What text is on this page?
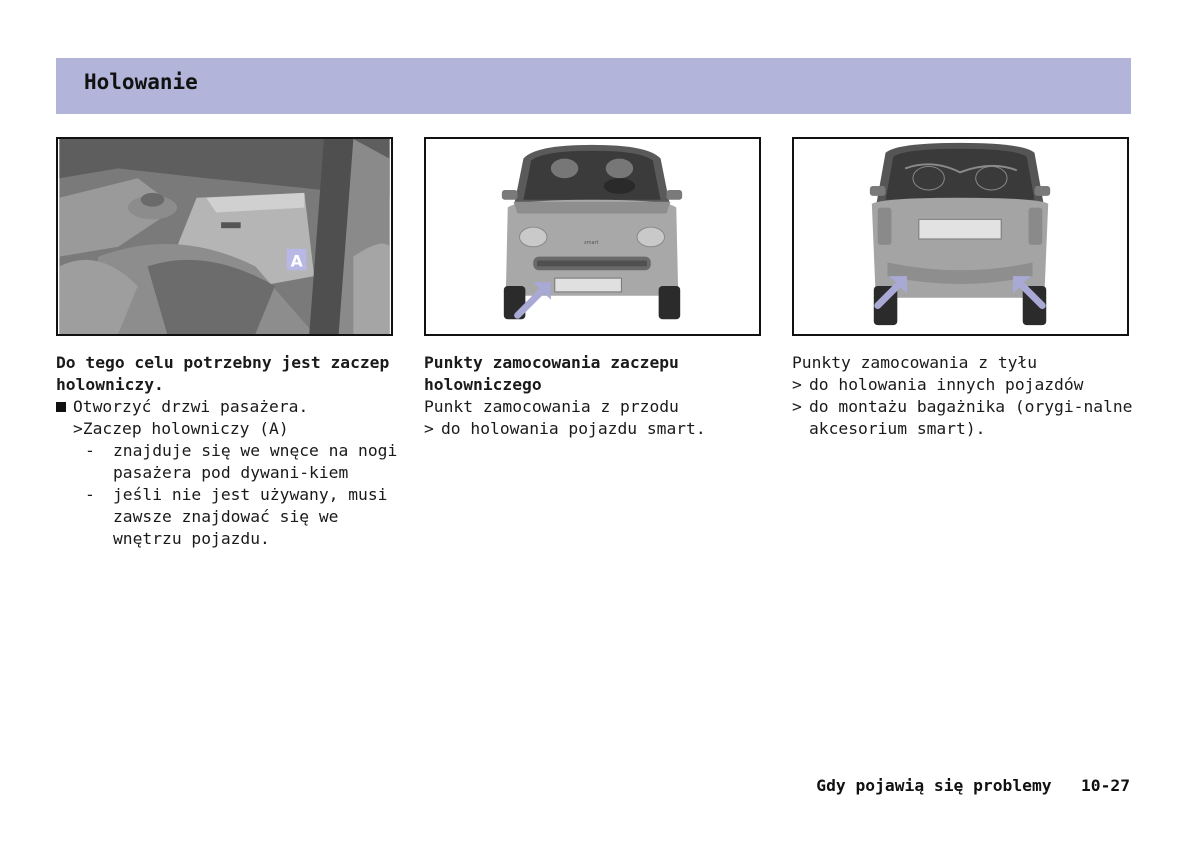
Holowanie
A
smart

Do tego celu potrzebny jest zaczep holowniczy.

Otworzyć drzwi pasażera.

>Zaczep holowniczy (A)

-	znajduje się we wnęce na nogi pasażera pod dywani-kiem
-	jeśli nie jest używany, musi zawsze znajdować się we wnętrzu pojazdu.

Punkty zamocowania zaczepu holowniczego

Punkt zamocowania z przodu

> do holowania pojazdu smart.

Punkty zamocowania z tyłu

> do holowania innych pojazdów
> do montażu bagażnika (orygi-nalne akcesorium smart).
Gdy pojawią się problemy 10-27
